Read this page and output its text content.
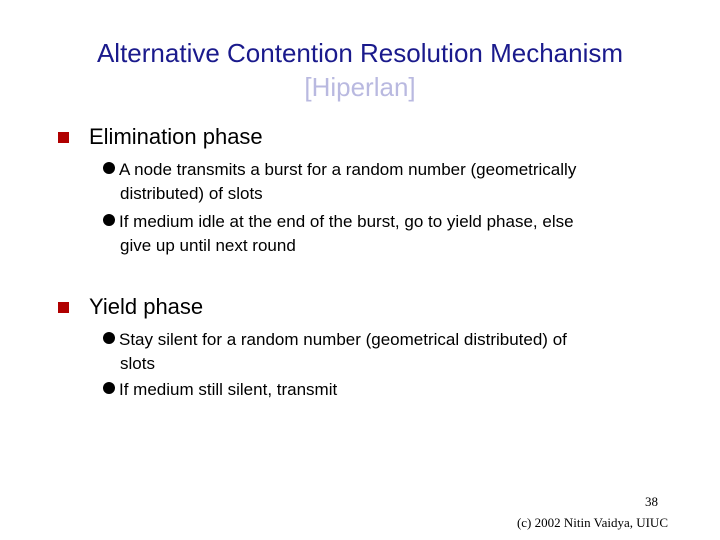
Alternative Contention Resolution Mechanism
[Hiperlan]
Elimination phase
A node transmits a burst for a random number (geometrically
distributed) of slots
If medium idle at the end of the burst, go to yield phase, else
give up until next round
Yield phase
Stay silent for a random number (geometrical distributed) of
slots
If medium still silent, transmit
38
(c) 2002 Nitin Vaidya, UIUC
